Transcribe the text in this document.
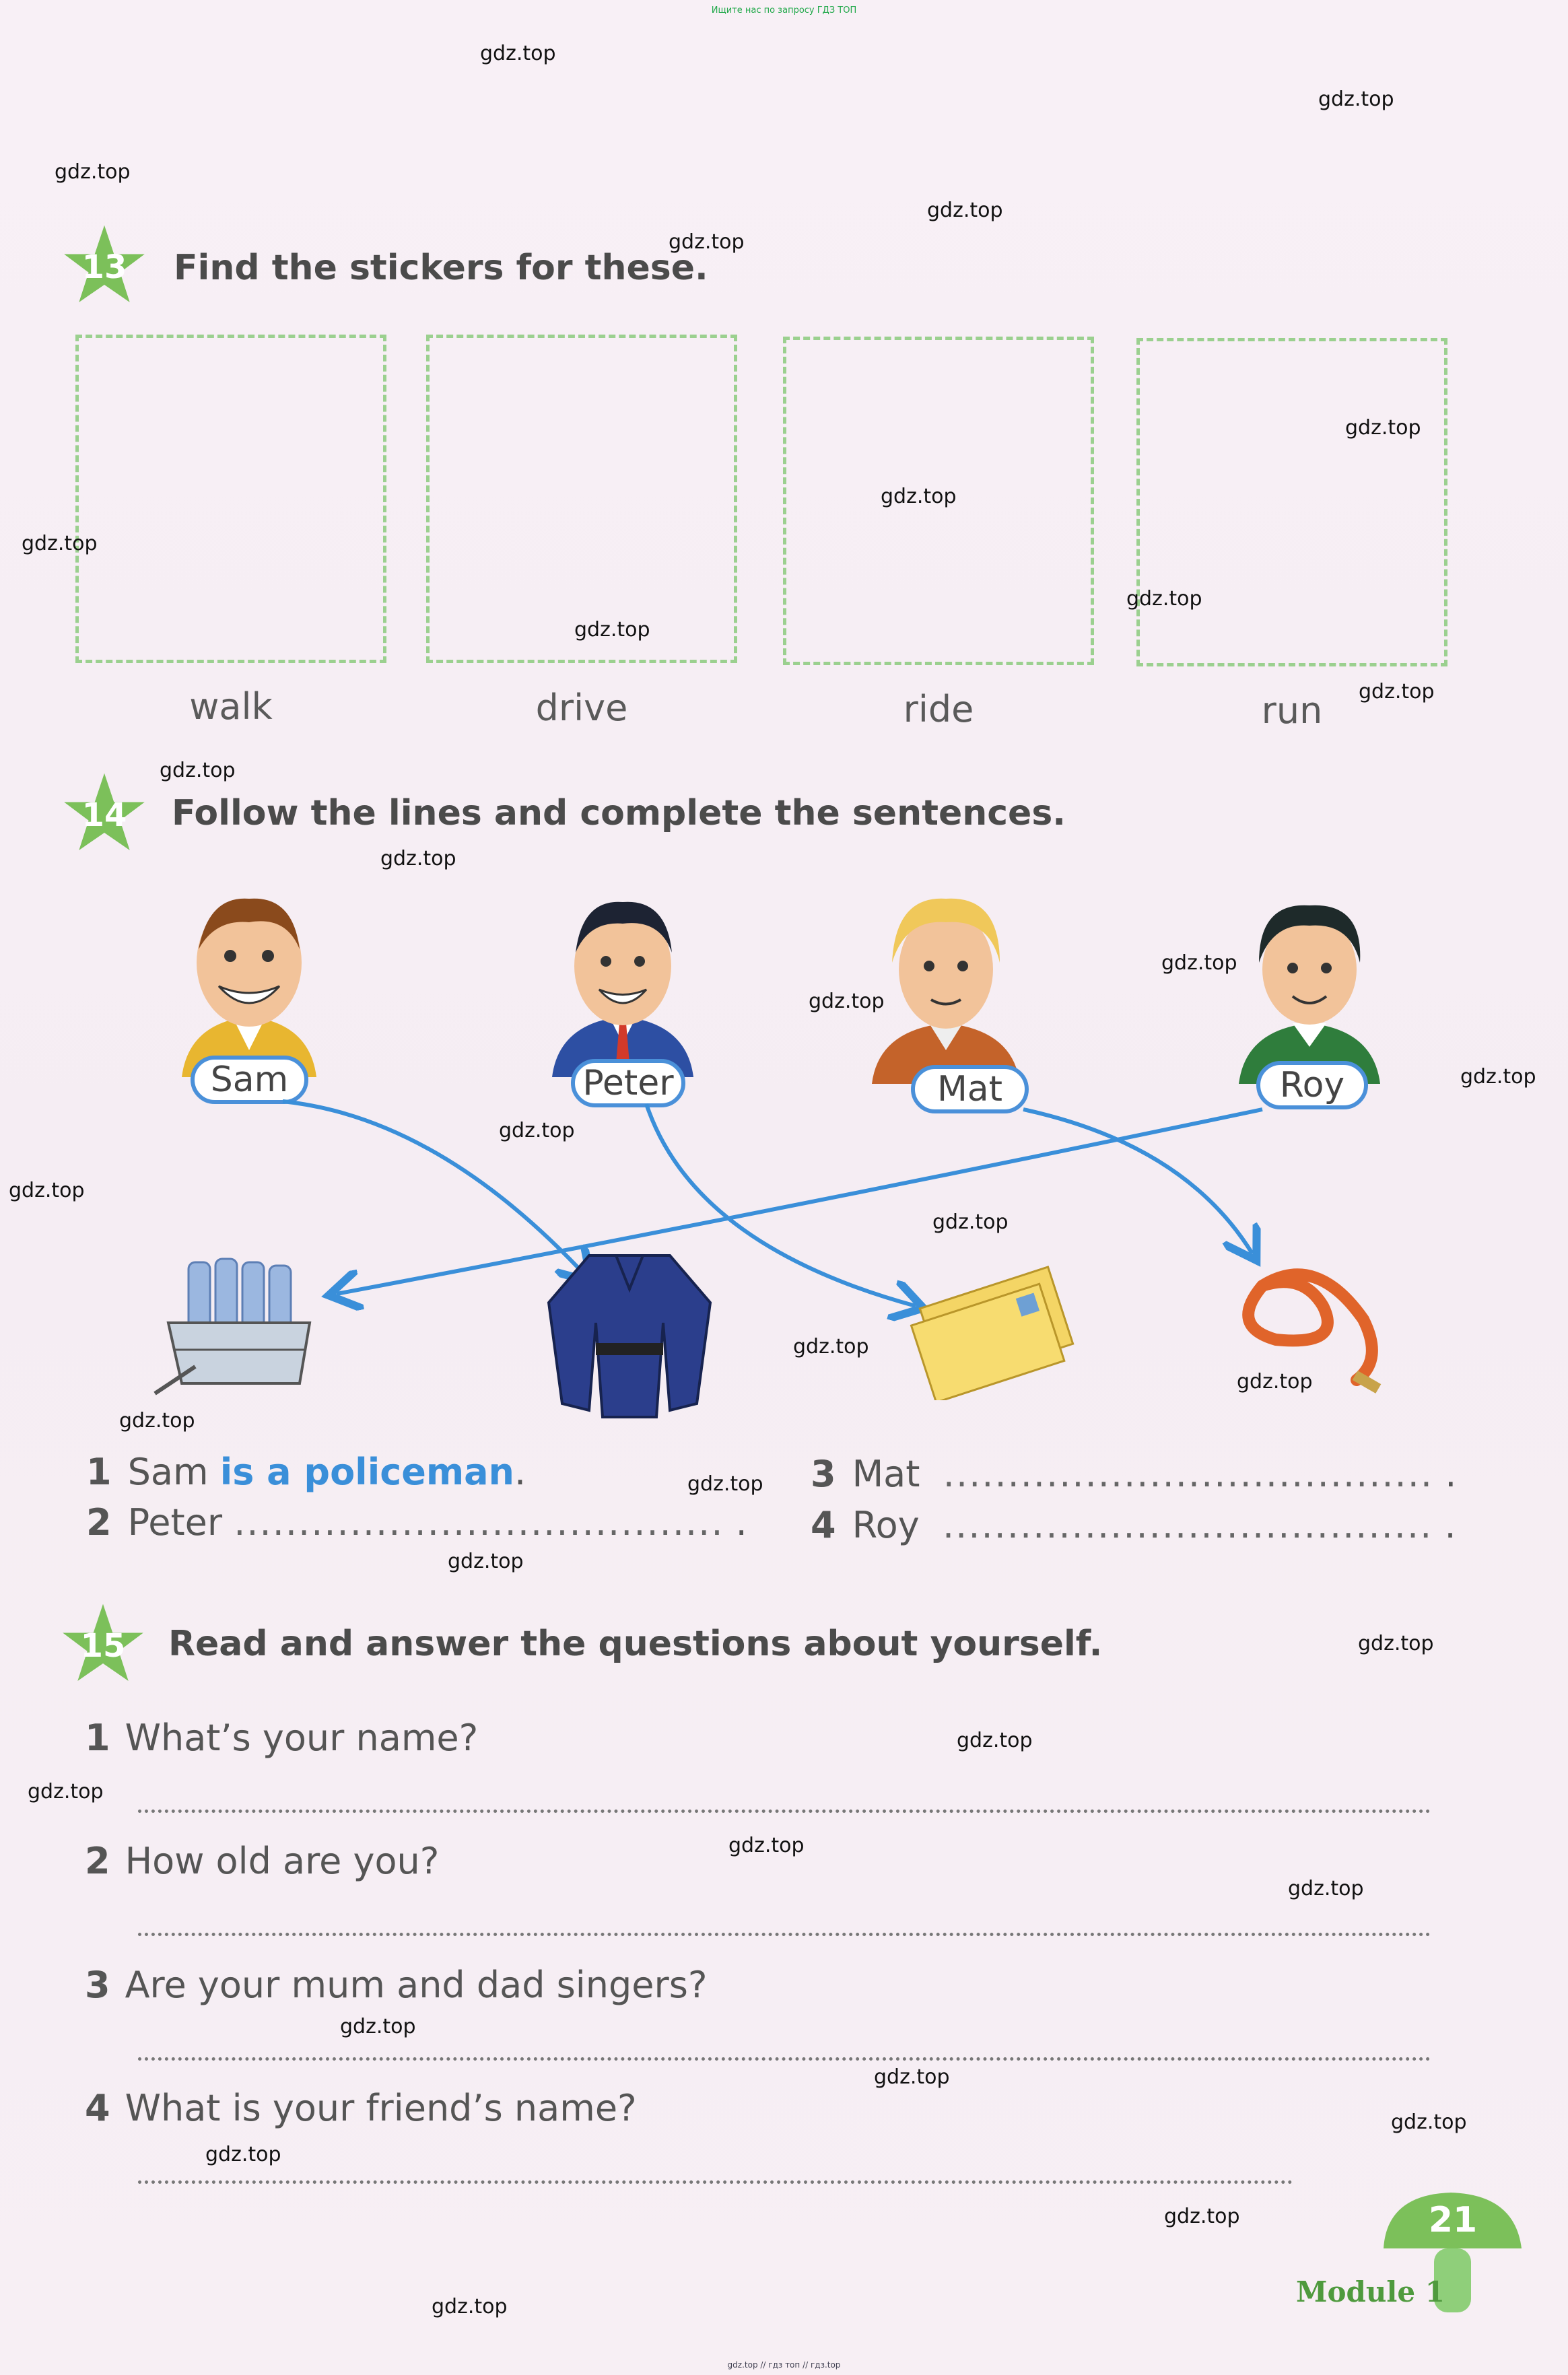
Ищите нас по запросу ГДЗ ТОП
13	Find the stickers for these.
walk	drive	ride	run
14	Follow the lines and complete the sentences.
Sam	Peter	Mat	Roy
1 Sam is a policeman.
2 Peter ...................................... .
3 Mat ...................................... .
4 Roy ...................................... .
15	Read and answer the questions about yourself.
1 What’s your name?
2 How old are you?
3 Are your mum and dad singers?
4 What is your friend’s name?
21
Module 1
gdz.top
gdz.top
gdz.top
gdz.top
gdz.top
gdz.top
gdz.top
gdz.top
gdz.top
gdz.top
gdz.top
gdz.top
gdz.top
gdz.top
gdz.top
gdz.top
gdz.top
gdz.top
gdz.top
gdz.top
gdz.top
gdz.top
gdz.top
gdz.top
gdz.top
gdz.top
gdz.top
gdz.top
gdz.top
gdz.top
gdz.top
gdz.top
gdz.top
gdz.top
gdz.top
gdz.top // гдз топ // гдз.top
